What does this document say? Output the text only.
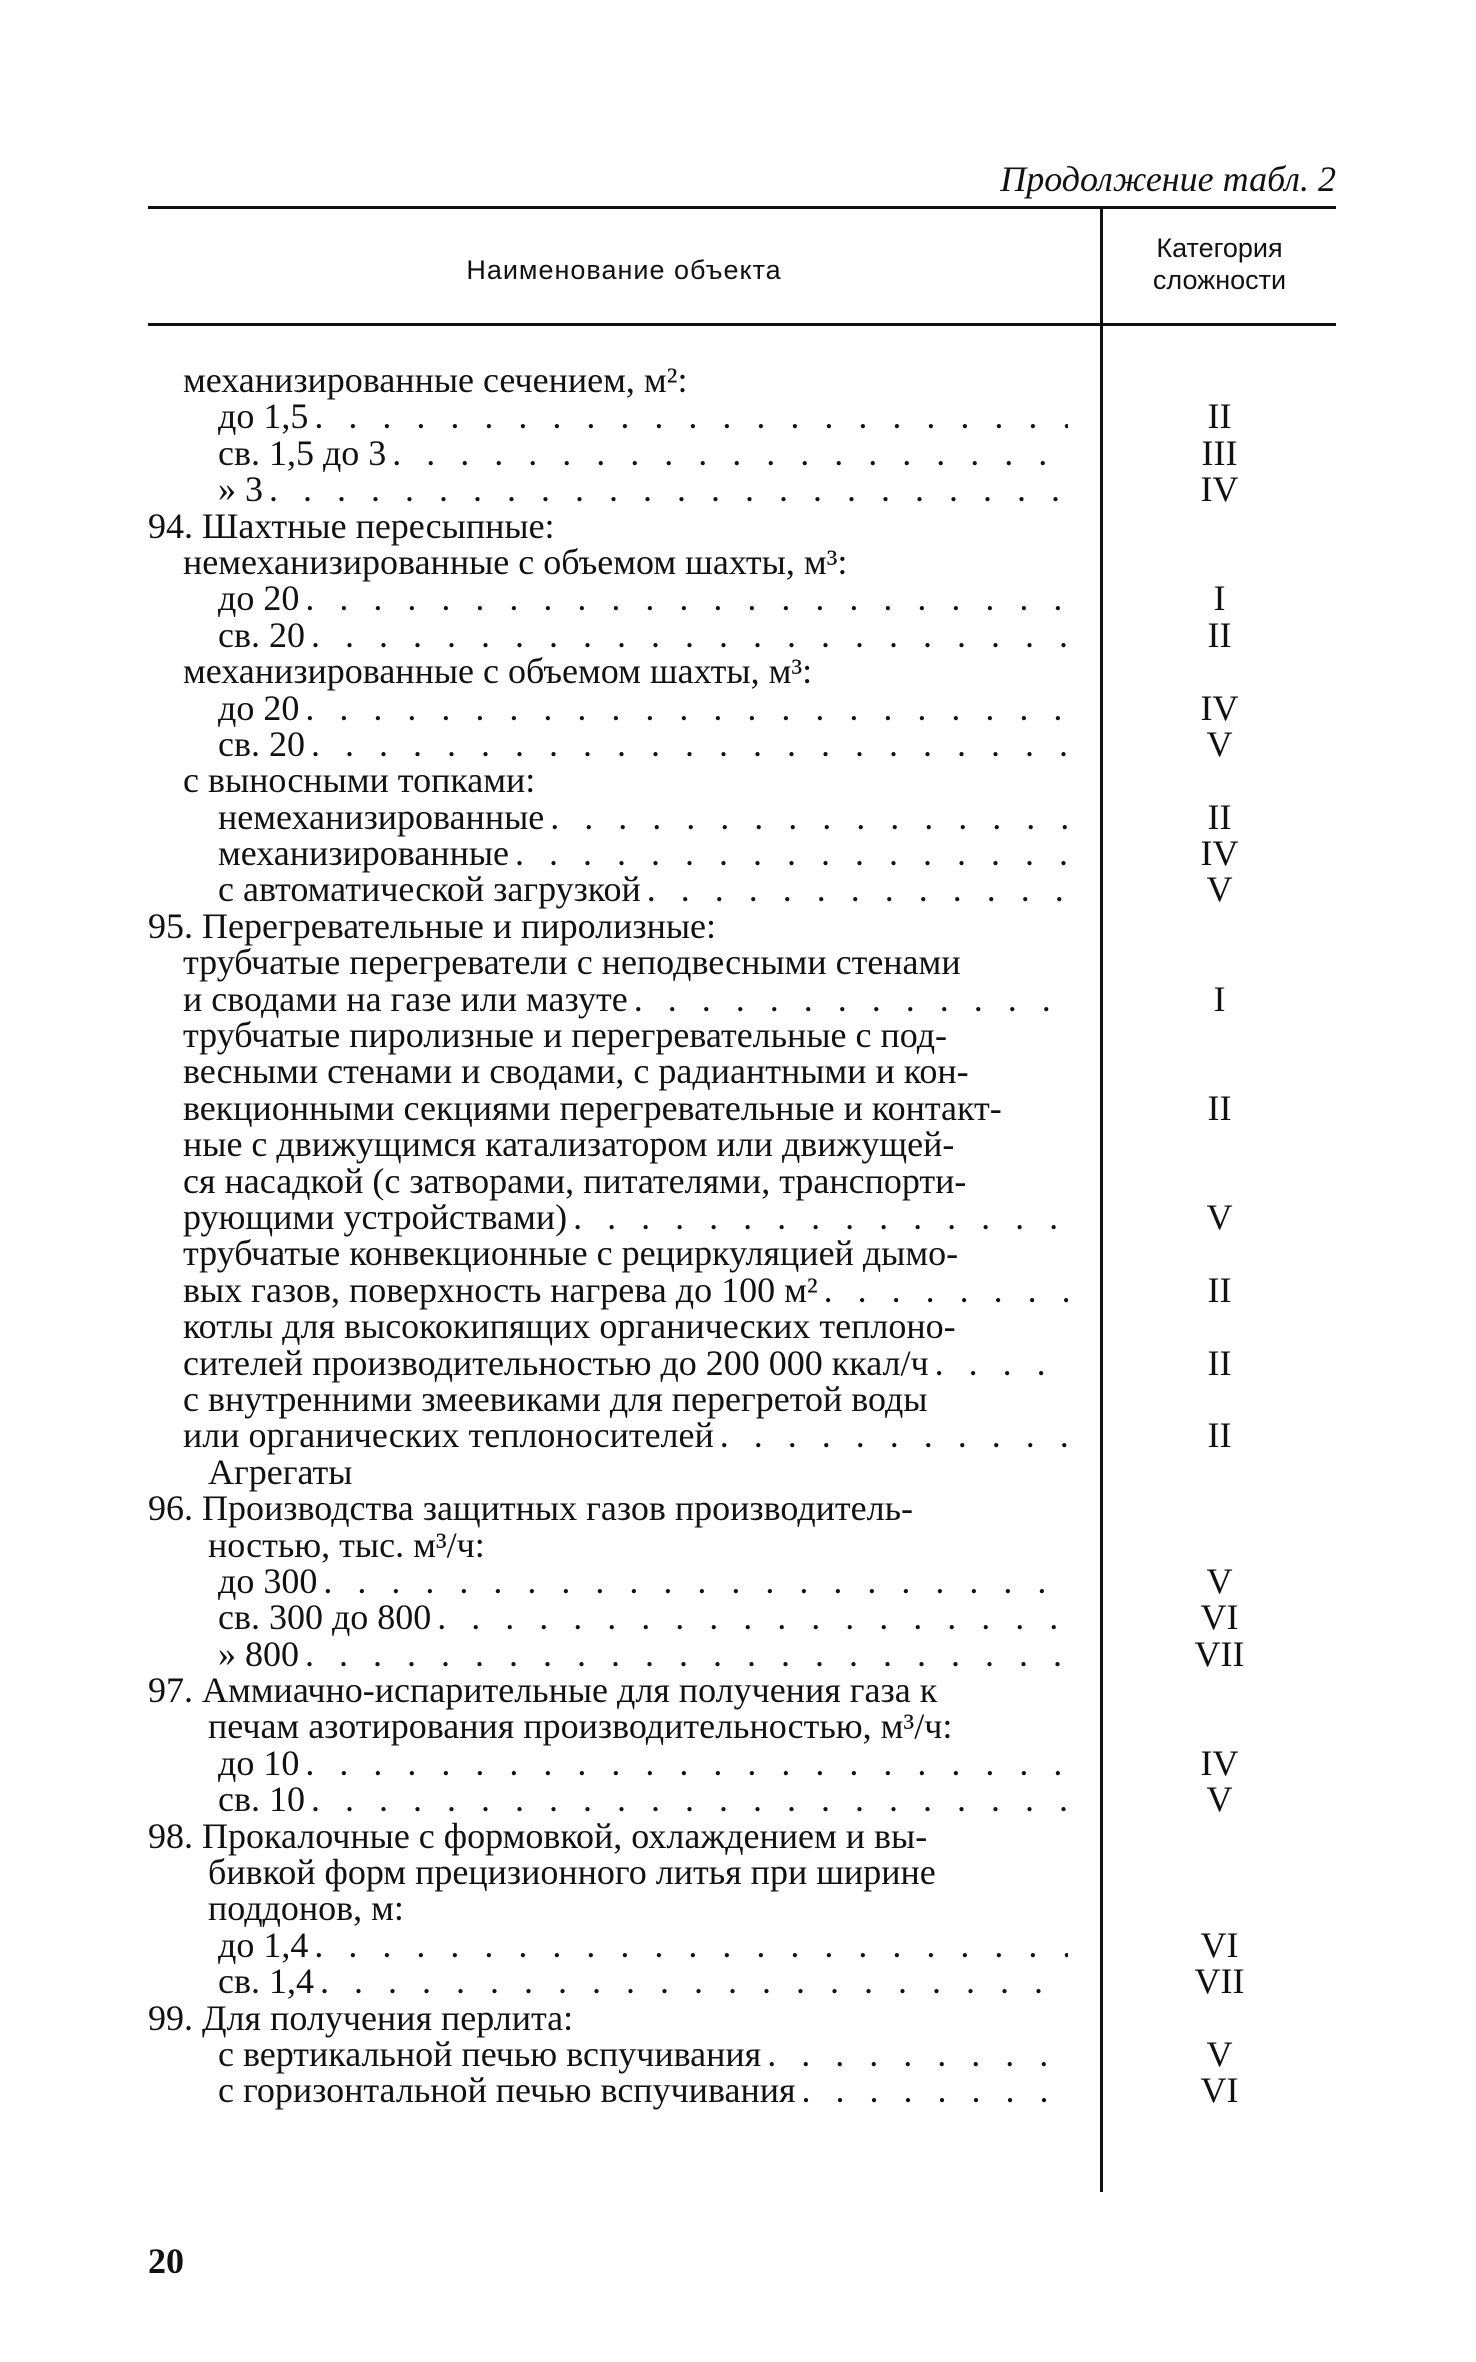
Продолжение табл. 2
Наименование объекта
Категория
сложности
механизированные сечением, м²:
до 1,5 . . .	II
св. 1,5 до 3 . . .	III
» 3 . . .	IV
94. Шахтные пересыпные:
немеханизированные с объемом шахты, м³:
до 20 . . .	I
св. 20 . . .	II
механизированные с объемом шахты, м³:
до 20 . . .	IV
св. 20 . . .	V
с выносными топками:
немеханизированные . . .	II
механизированные . . .	IV
с автоматической загрузкой . . .	V
95. Перегревательные и пиролизные:
трубчатые перегреватели с неподвесными стенами
и сводами на газе или мазуте . . .	I
трубчатые пиролизные и перегревательные с под-
весными стенами и сводами, с радиантными и кон-
векционными секциями перегревательные и контакт-	II
ные с движущимся катализатором или движущей-
ся насадкой (с затворами, питателями, транспорти-
рующими устройствами) . . .	V
трубчатые конвекционные с рециркуляцией дымо-
вых газов, поверхность нагрева до 100 м² . . .	II
котлы для высококипящих органических теплоно-
сителей производительностью до 200 000 ккал/ч . . .	II
с внутренними змеевиками для перегретой воды
или органических теплоносителей . . .	II
Агрегаты
96. Производства защитных газов производитель-
ностью, тыс. м³/ч:
до 300 . . .	V
св. 300 до 800 . . .	VI
» 800 . . .	VII
97. Аммиачно-испарительные для получения газа к
печам азотирования производительностью, м³/ч:
до 10 . . .	IV
св. 10 . . .	V
98. Прокалочные с формовкой, охлаждением и вы-
бивкой форм прецизионного литья при ширине
поддонов, м:
до 1,4 . . .	VI
св. 1,4 . . .	VII
99. Для получения перлита:
с вертикальной печью вспучивания . . .	V
с горизонтальной печью вспучивания . . .	VI
20
